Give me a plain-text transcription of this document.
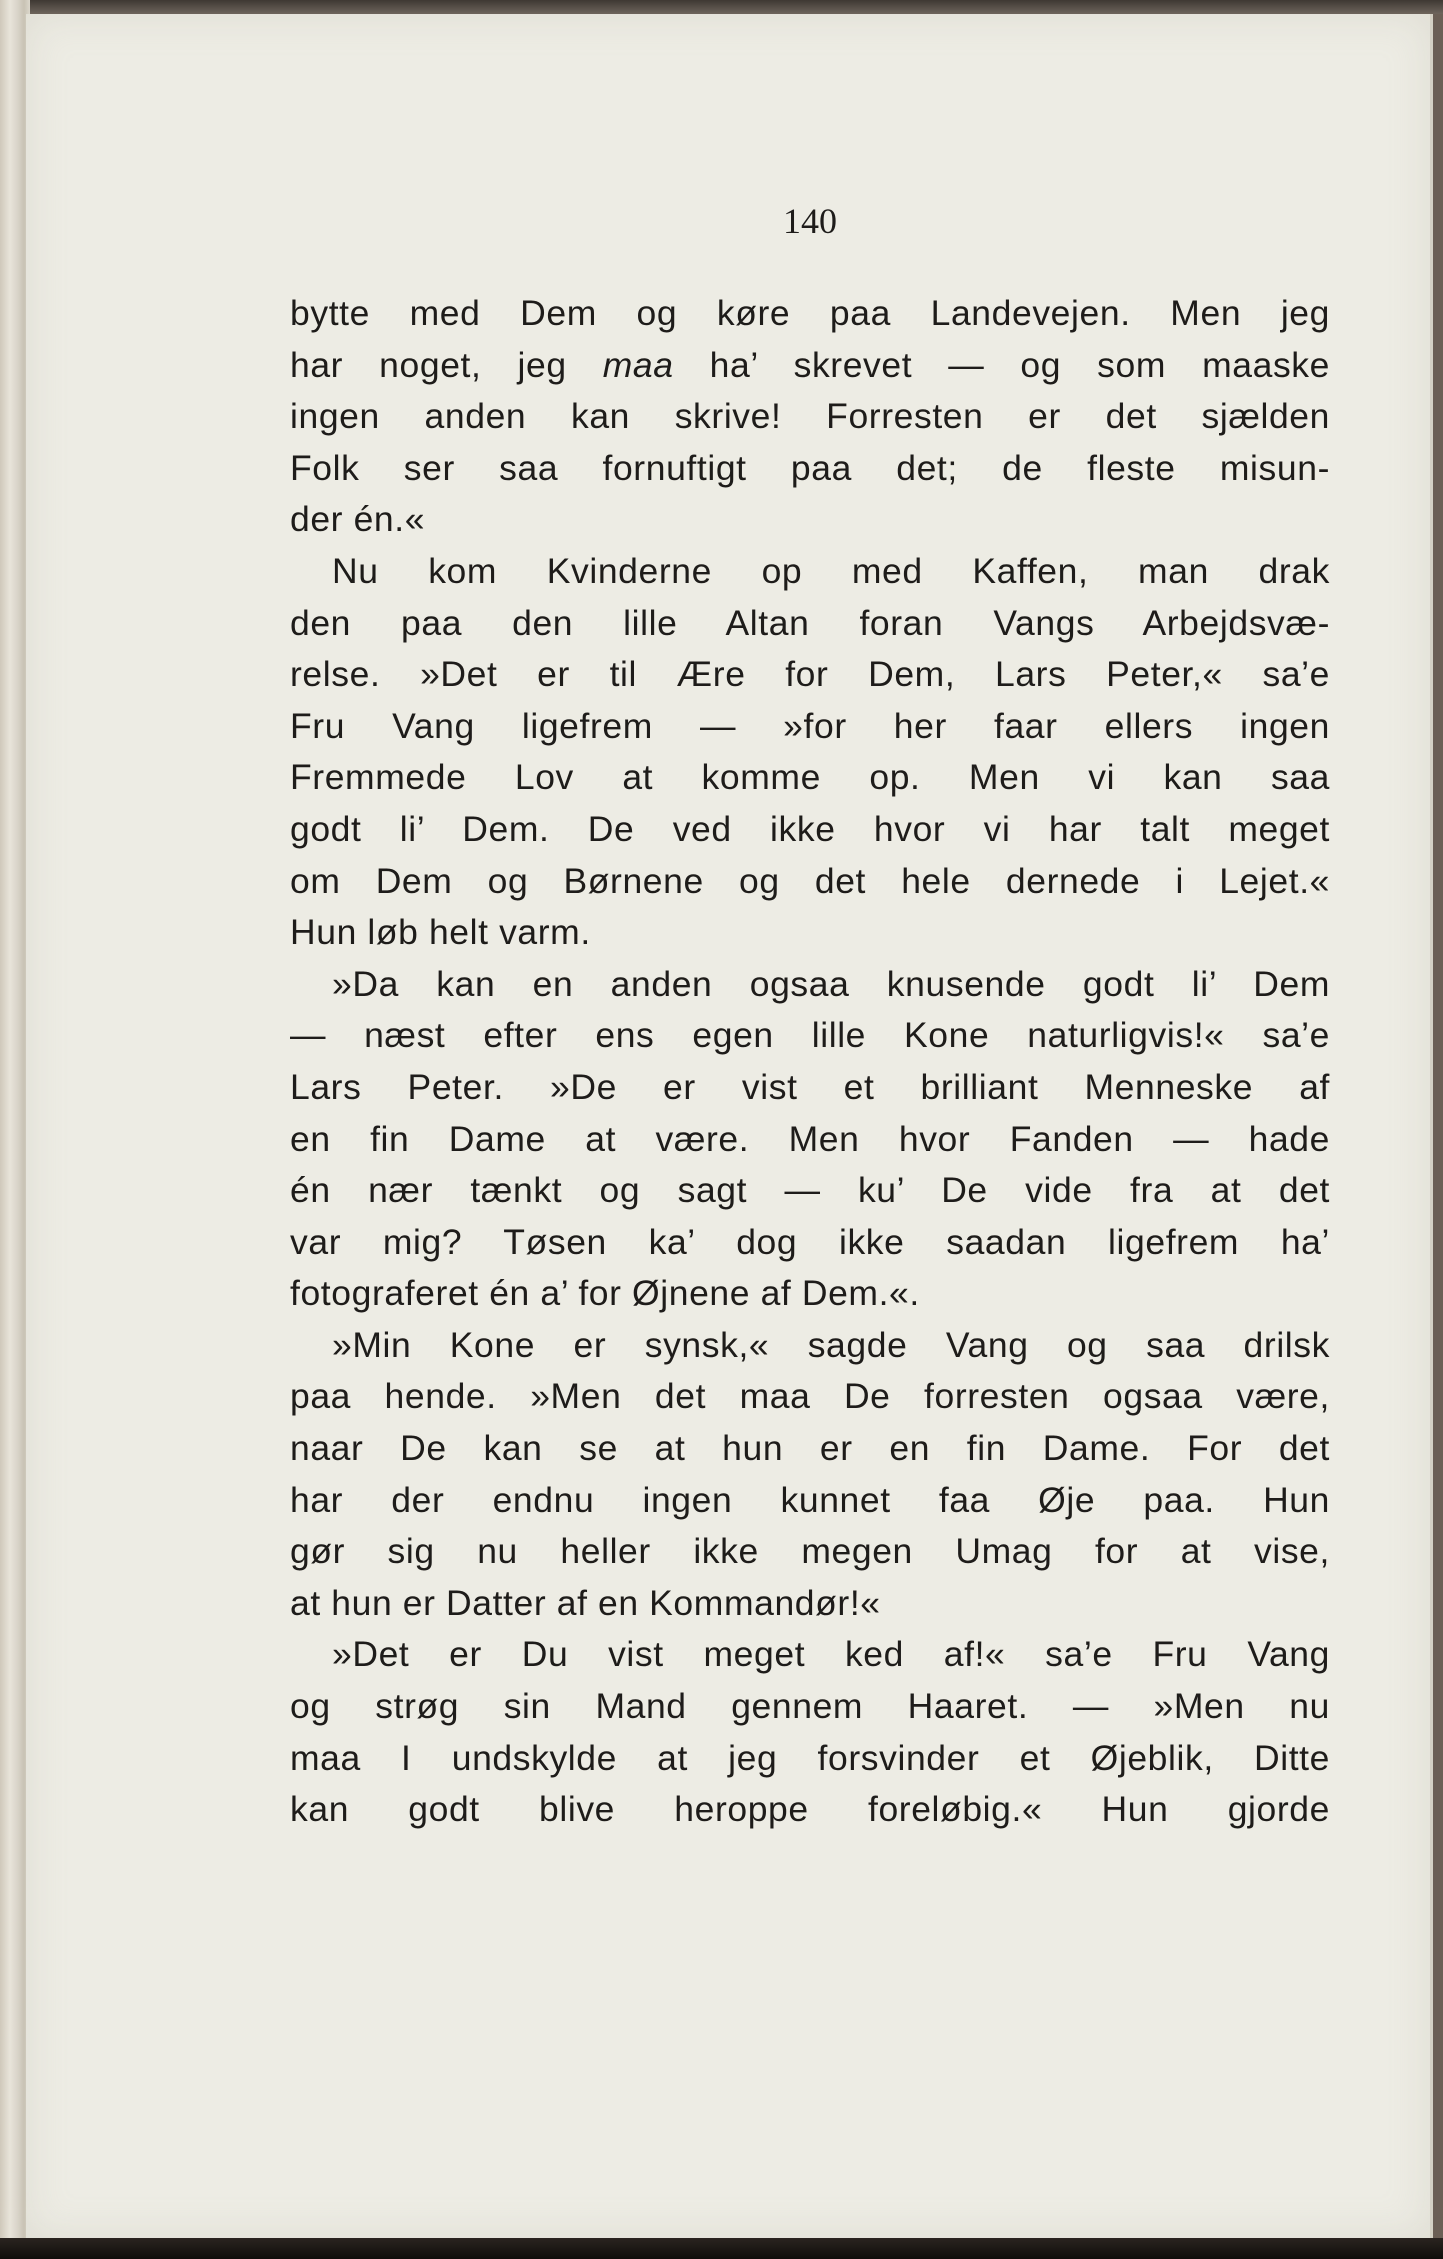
140
bytte med Dem og køre paa Landevejen. Men jeg
har noget, jeg maa ha’ skrevet — og som maaske
ingen anden kan skrive! Forresten er det sjælden
Folk ser saa fornuftigt paa det; de fleste misun-
der én.«
Nu kom Kvinderne op med Kaffen, man drak
den paa den lille Altan foran Vangs Arbejdsvæ-
relse. »Det er til Ære for Dem, Lars Peter,« sa’e
Fru Vang ligefrem — »for her faar ellers ingen
Fremmede Lov at komme op. Men vi kan saa
godt li’ Dem. De ved ikke hvor vi har talt meget
om Dem og Børnene og det hele dernede i Lejet.«
Hun løb helt varm.
»Da kan en anden ogsaa knusende godt li’ Dem
— næst efter ens egen lille Kone naturligvis!« sa’e
Lars Peter. »De er vist et brilliant Menneske af
en fin Dame at være. Men hvor Fanden — hade
én nær tænkt og sagt — ku’ De vide fra at det
var mig? Tøsen ka’ dog ikke saadan ligefrem ha’
fotograferet én a’ for Øjnene af Dem.«.
»Min Kone er synsk,« sagde Vang og saa drilsk
paa hende. »Men det maa De forresten ogsaa være,
naar De kan se at hun er en fin Dame. For det
har der endnu ingen kunnet faa Øje paa. Hun
gør sig nu heller ikke megen Umag for at vise,
at hun er Datter af en Kommandør!«
»Det er Du vist meget ked af!« sa’e Fru Vang
og strøg sin Mand gennem Haaret. — »Men nu
maa I undskylde at jeg forsvinder et Øjeblik, Ditte
kan godt blive heroppe foreløbig.« Hun gjorde
